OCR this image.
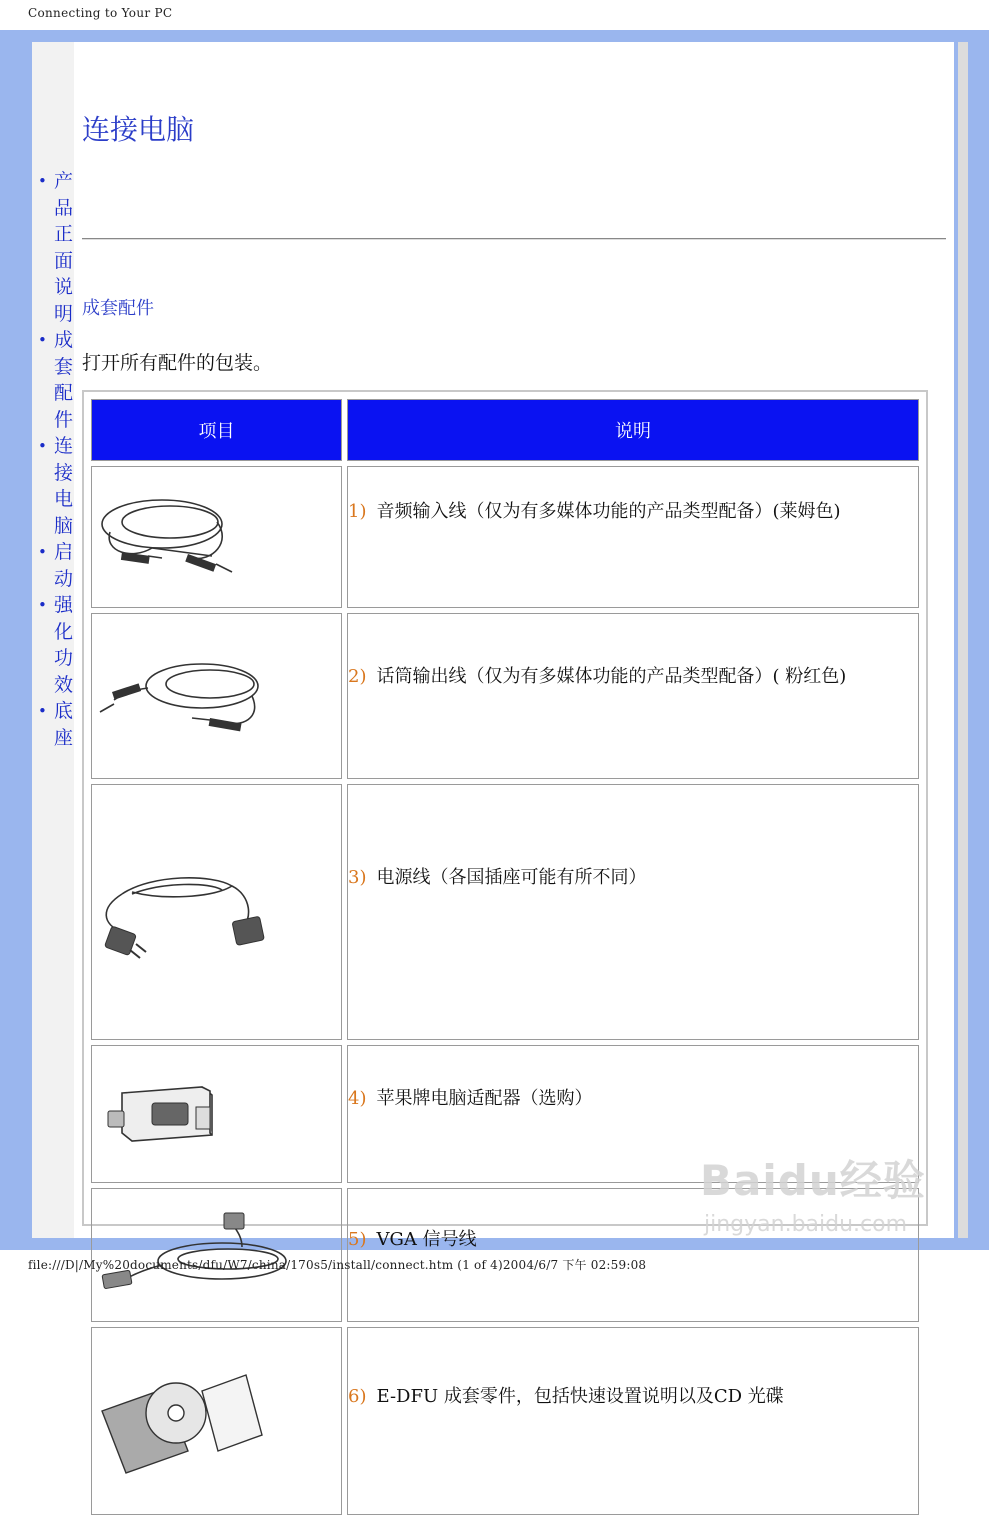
Connecting to Your PC
• 产品正面说明
• 成套配件
• 连接电脑
• 启动
• 强化功效
• 底座
连接电脑
成套配件

打开所有配件的包装。

项目	说明

	1) 音频输入线（仅为有多媒体功能的产品类型配备）(莱姆色)

	2) 话筒输出线（仅为有多媒体功能的产品类型配备）( 粉红色)

	3) 电源线（各国插座可能有所不同）

	4) 苹果牌电脑适配器（选购）

	5) VGA 信号线

	6) E-DFU 成套零件，包括快速设置说明以及CD 光碟
Baidu经验
jingyan.baidu.com
file:///D|/My%20documents/dfu/W7/china/170s5/install/connect.htm (1 of 4)2004/6/7 下午 02:59:08
